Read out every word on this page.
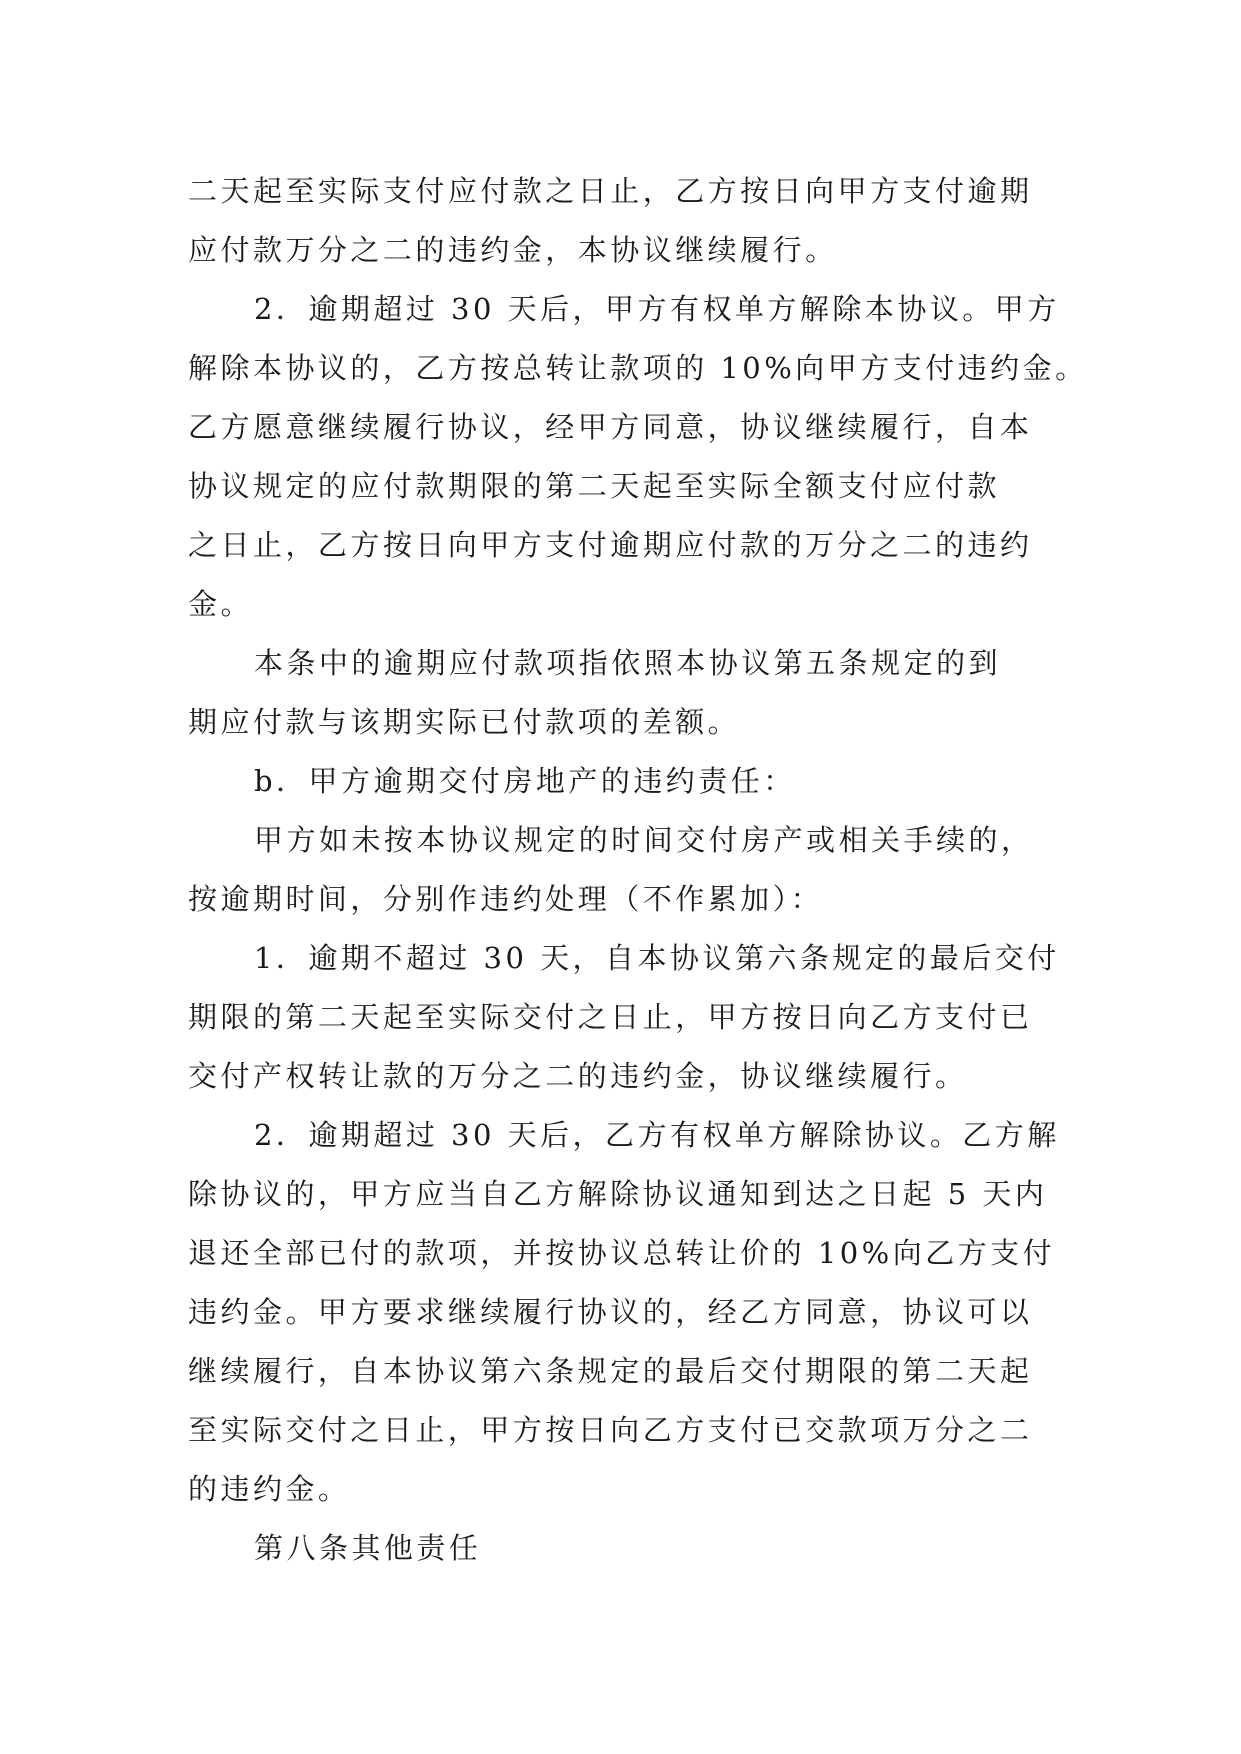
二天起至实际支付应付款之日止，乙方按日向甲方支付逾期
应付款万分之二的违约金，本协议继续履行。
2．逾期超过 30 天后，甲方有权单方解除本协议。甲方
解除本协议的，乙方按总转让款项的 10%向甲方支付违约金。
乙方愿意继续履行协议，经甲方同意，协议继续履行，自本
协议规定的应付款期限的第二天起至实际全额支付应付款
之日止，乙方按日向甲方支付逾期应付款的万分之二的违约
金。
本条中的逾期应付款项指依照本协议第五条规定的到
期应付款与该期实际已付款项的差额。
b．甲方逾期交付房地产的违约责任：
甲方如未按本协议规定的时间交付房产或相关手续的，
按逾期时间，分别作违约处理（不作累加）：
1．逾期不超过 30 天，自本协议第六条规定的最后交付
期限的第二天起至实际交付之日止，甲方按日向乙方支付已
交付产权转让款的万分之二的违约金，协议继续履行。
2．逾期超过 30 天后，乙方有权单方解除协议。乙方解
除协议的，甲方应当自乙方解除协议通知到达之日起 5 天内
退还全部已付的款项，并按协议总转让价的 10%向乙方支付
违约金。甲方要求继续履行协议的，经乙方同意，协议可以
继续履行，自本协议第六条规定的最后交付期限的第二天起
至实际交付之日止，甲方按日向乙方支付已交款项万分之二
的违约金。
第八条其他责任
